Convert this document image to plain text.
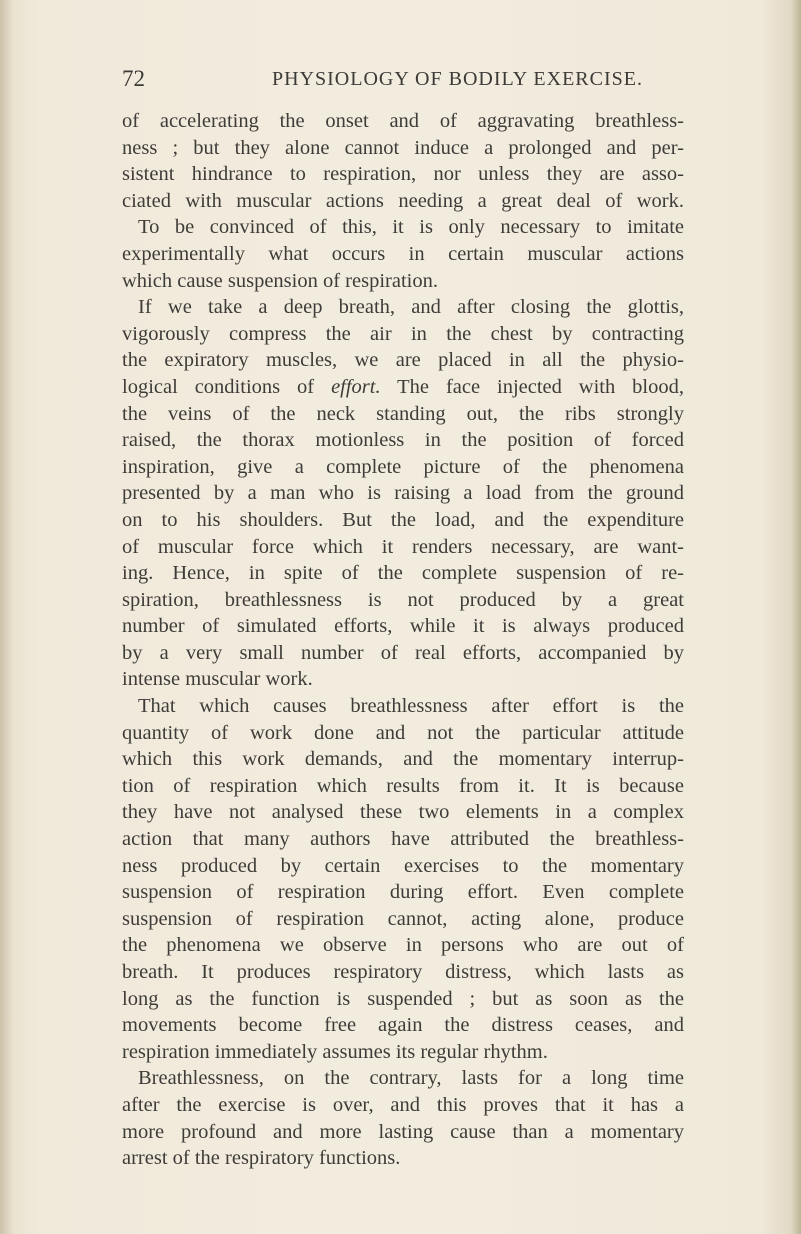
72	PHYSIOLOGY OF BODILY EXERCISE.
of accelerating the onset and of aggravating breathless-
ness ; but they alone cannot induce a prolonged and per-
sistent hindrance to respiration, nor unless they are asso-
ciated with muscular actions needing a great deal of work.
To be convinced of this, it is only necessary to imitate
experimentally what occurs in certain muscular actions
which cause suspension of respiration.
If we take a deep breath, and after closing the glottis,
vigorously compress the air in the chest by contracting
the expiratory muscles, we are placed in all the physio-
logical conditions of effort. The face injected with blood,
the veins of the neck standing out, the ribs strongly
raised, the thorax motionless in the position of forced
inspiration, give a complete picture of the phenomena
presented by a man who is raising a load from the ground
on to his shoulders. But the load, and the expenditure
of muscular force which it renders necessary, are want-
ing. Hence, in spite of the complete suspension of re-
spiration, breathlessness is not produced by a great
number of simulated efforts, while it is always produced
by a very small number of real efforts, accompanied by
intense muscular work.
That which causes breathlessness after effort is the
quantity of work done and not the particular attitude
which this work demands, and the momentary interrup-
tion of respiration which results from it. It is because
they have not analysed these two elements in a complex
action that many authors have attributed the breathless-
ness produced by certain exercises to the momentary
suspension of respiration during effort. Even complete
suspension of respiration cannot, acting alone, produce
the phenomena we observe in persons who are out of
breath. It produces respiratory distress, which lasts as
long as the function is suspended ; but as soon as the
movements become free again the distress ceases, and
respiration immediately assumes its regular rhythm.
Breathlessness, on the contrary, lasts for a long time
after the exercise is over, and this proves that it has a
more profound and more lasting cause than a momentary
arrest of the respiratory functions.
